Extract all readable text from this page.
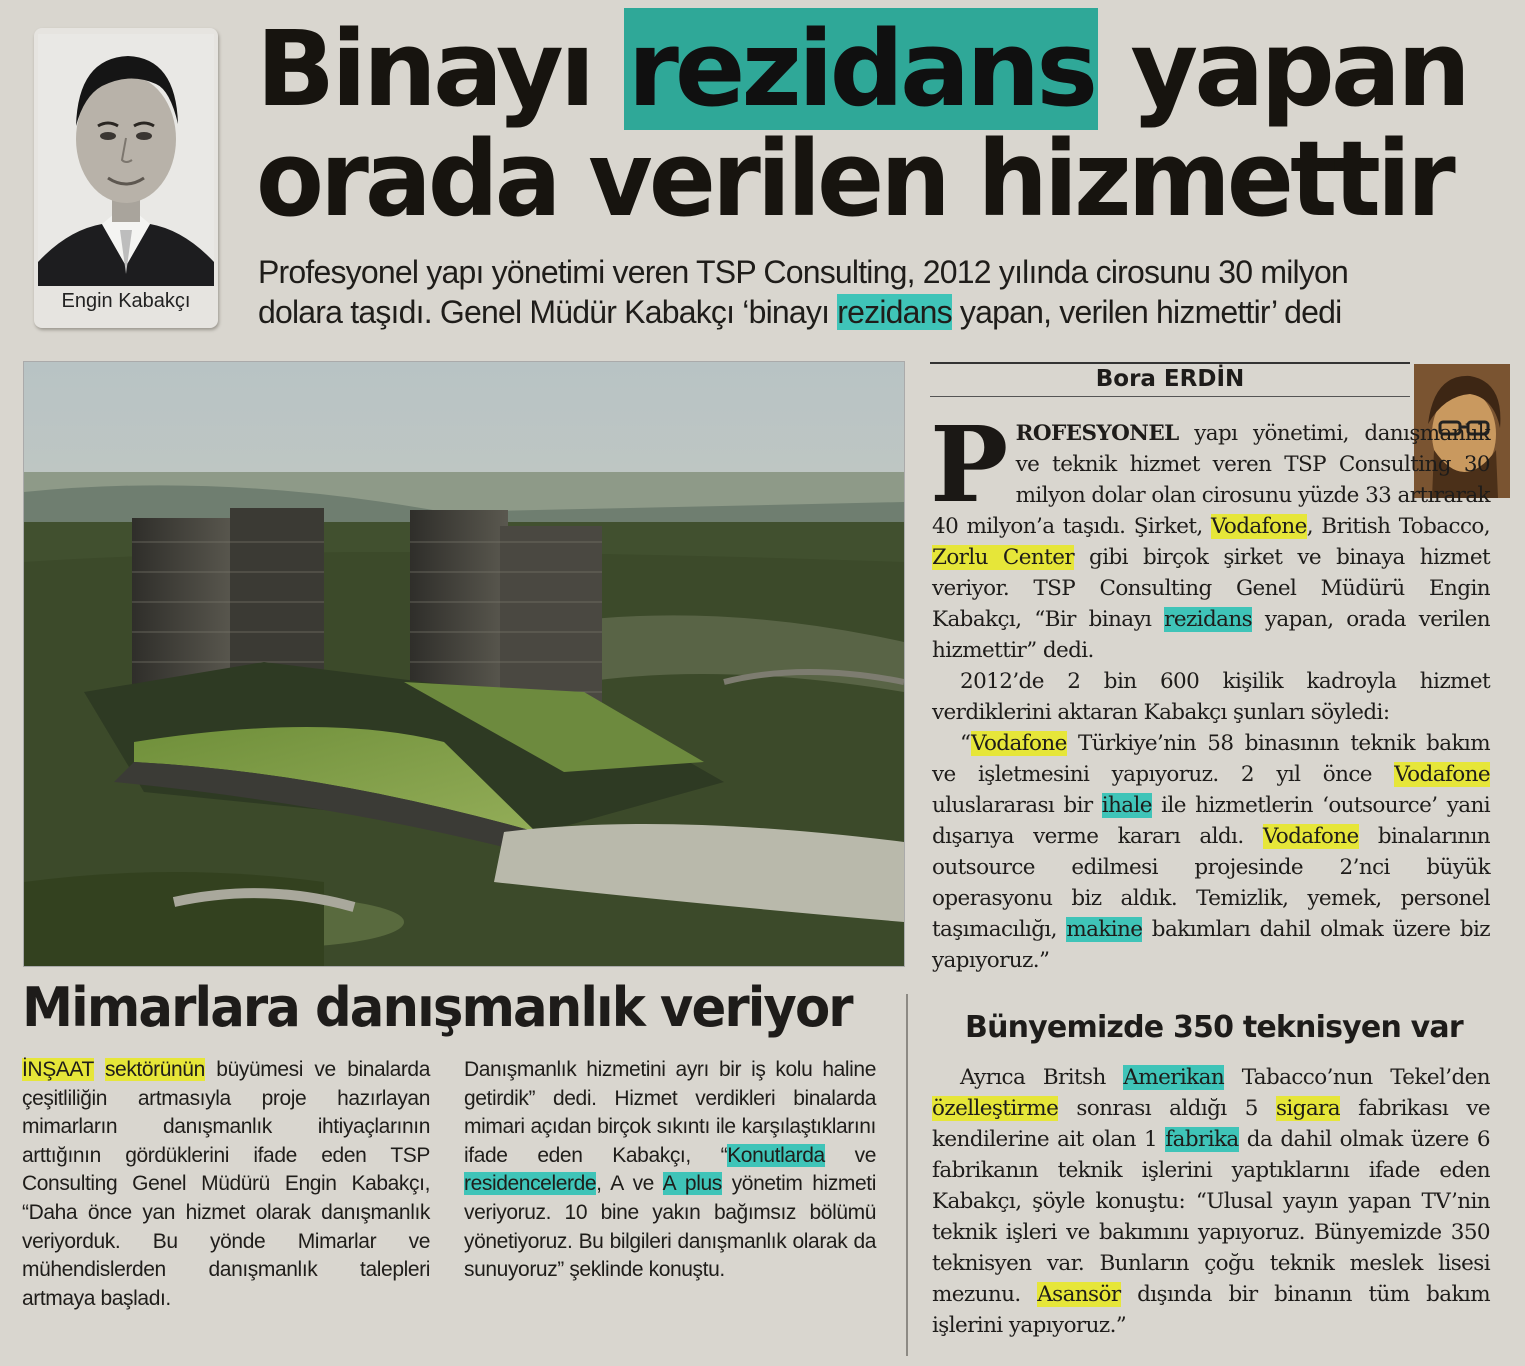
Engin Kabakçı
Binayı rezidans yapan
orada verilen hizmettir
Profesyonel yapı yönetimi veren TSP Consulting, 2012 yılında cirosunu 30 milyon
dolara taşıdı. Genel Müdür Kabakçı ‘binayı rezidans yapan, verilen hizmettir’ dedi
Bora ERDİN

PROFESYONEL yapı yönetimi, danışmanlık ve teknik hizmet veren TSP Consulting 30 milyon dolar olan cirosunu yüzde 33 artırarak 40 milyon’a taşıdı. Şirket, Vodafone, British Tobacco, Zorlu Center gibi birçok şirket ve binaya hizmet veriyor. TSP Consulting Genel Müdürü Engin Kabakçı, “Bir binayı rezidans yapan, orada verilen hizmettir” dedi.

2012’de 2 bin 600 kişilik kadroyla hizmet verdiklerini aktaran Kabakçı şunları söyledi:

“Vodafone Türkiye’nin 58 binasının teknik bakım ve işletmesini yapıyoruz. 2 yıl önce Vodafone uluslararası bir ihale ile hizmetlerin ‘outsource’ yani dışarıya verme kararı aldı. Vodafone binalarının outsource edilmesi projesinde 2’nci büyük operasyonu biz aldık. Temizlik, yemek, personel taşımacılığı, makine bakımları dahil olmak üzere biz yapıyoruz.”

Bünyemizde 350 teknisyen var

Ayrıca Britsh Amerikan Tabacco’nun Tekel’den özelleştirme sonrası aldığı 5 sigara fabrikası ve kendilerine ait olan 1 fabrika da dahil olmak üzere 6 fabrikanın teknik işlerini yaptıklarını ifade eden Kabakçı, şöyle konuştu: “Ulusal yayın yapan TV’nin teknik işleri ve bakımını yapıyoruz. Bünyemizde 350 teknisyen var. Bunların çoğu teknik meslek lisesi mezunu. Asansör dışında bir binanın tüm bakım işlerini yapıyoruz.”

Mimarlara danışmanlık veriyor
İNŞAAT sektörünün büyümesi ve binalarda çeşitliliğin artmasıyla proje hazırlayan mimarların danışmanlık ihtiyaçlarının arttığının gördüklerini ifade eden TSP Consulting Genel Müdürü Engin Kabakçı, “Daha önce yan hizmet olarak danışmanlık veriyorduk. Bu yönde Mimarlar ve mühendislerden danışmanlık talepleri artmaya başladı.
Danışmanlık hizmetini ayrı bir iş kolu haline getirdik” dedi. Hizmet verdikleri binalarda mimari açıdan birçok sıkıntı ile karşılaştıklarını ifade eden Kabakçı, “Konutlarda ve residencelerde, A ve A plus yönetim hizmeti veriyoruz. 10 bine yakın bağımsız bölümü yönetiyoruz. Bu bilgileri danışmanlık olarak da sunuyoruz” şeklinde konuştu.
